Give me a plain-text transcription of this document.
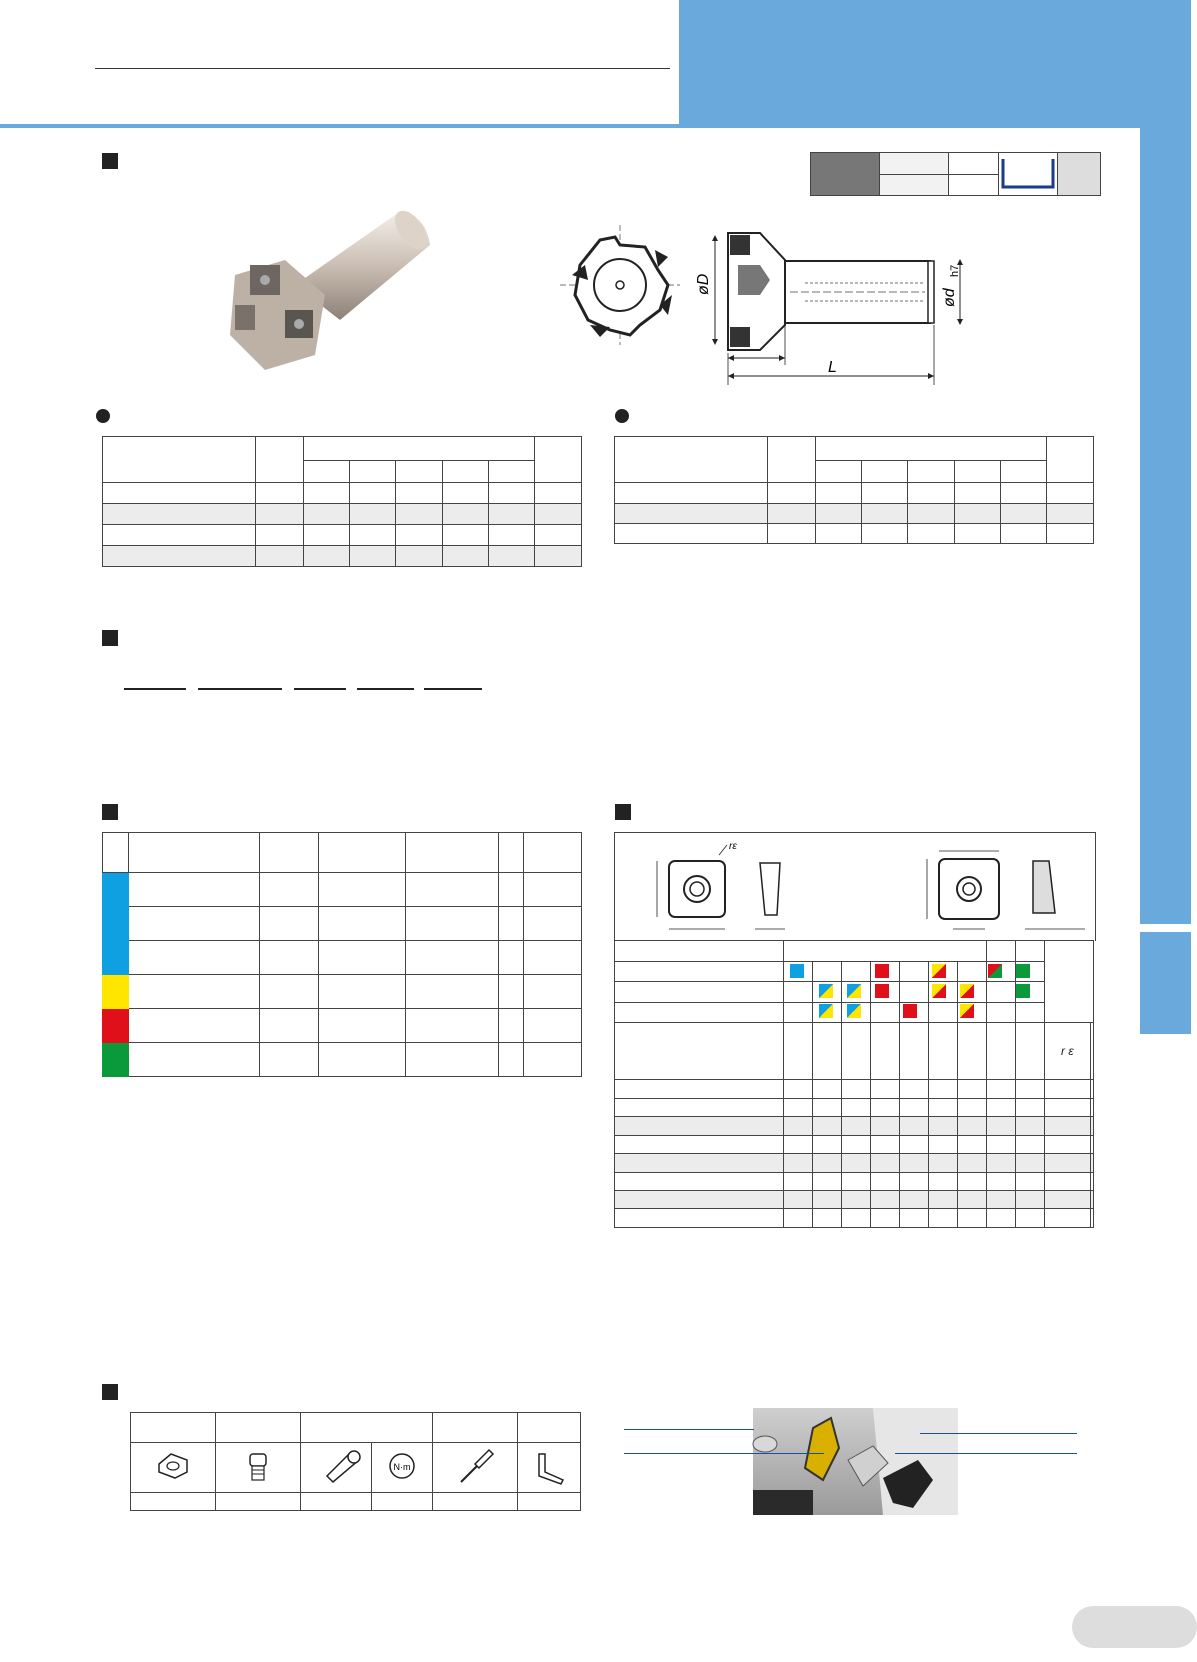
øD
ød
h7
L

rε

										r ε	

N·m
